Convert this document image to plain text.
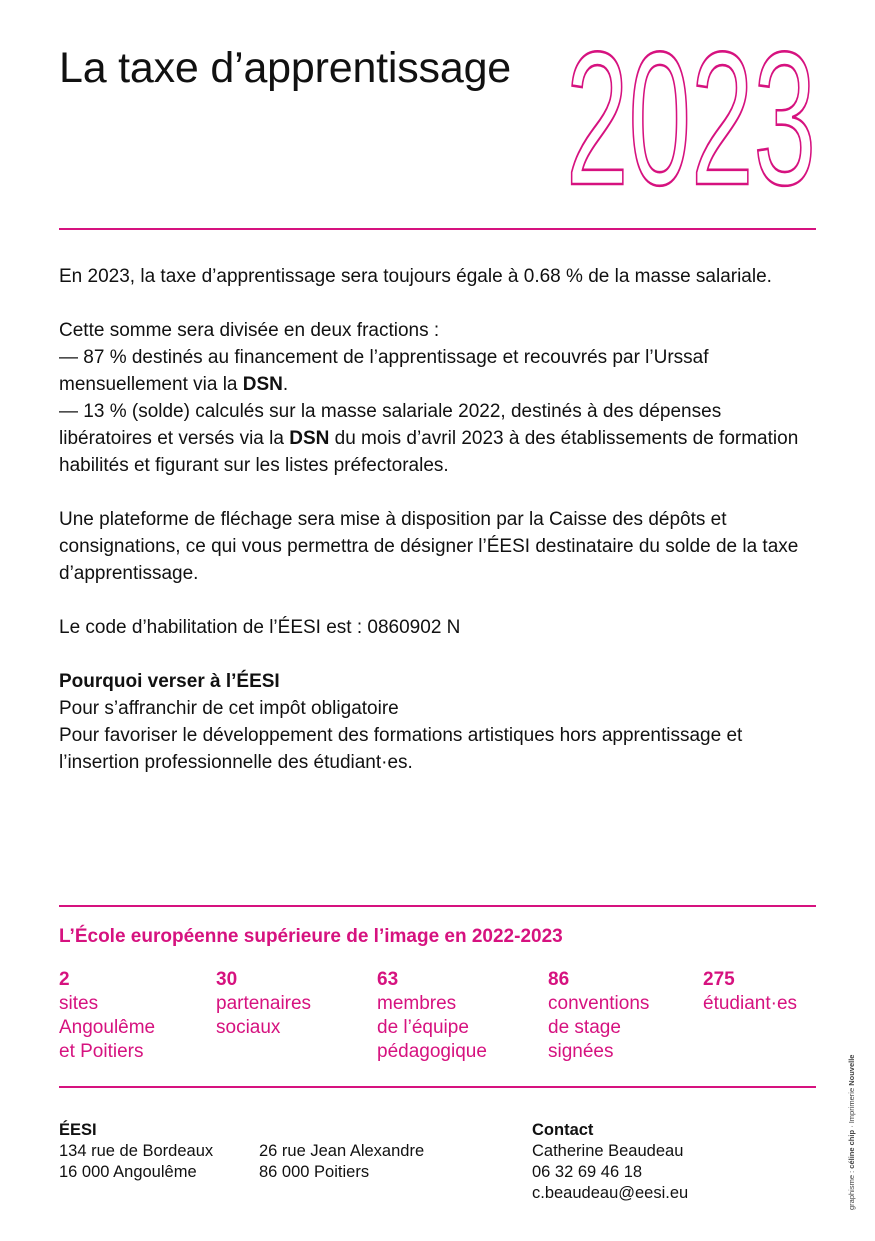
La taxe d’apprentissage 2023

En 2023, la taxe d’apprentissage sera toujours égale à 0.68 % de la masse salariale.

Cette somme sera divisée en deux fractions :
— 87 % destinés au financement de l’apprentissage et recouvrés par l’Urssaf mensuellement via la DSN.
— 13 % (solde) calculés sur la masse salariale 2022, destinés à des dépenses libératoires et versés via la DSN du mois d’avril 2023 à des établissements de formation habilités et figurant sur les listes préfectorales.

Une plateforme de fléchage sera mise à disposition par la Caisse des dépôts et consignations, ce qui vous permettra de désigner l’ÉESI destinataire du solde de la taxe d’apprentissage.

Le code d’habilitation de l’ÉESI est : 0860902 N

Pourquoi verser à l’ÉESI
Pour s’affranchir de cet impôt obligatoire
Pour favoriser le développement des formations artistiques hors apprentissage et l’insertion professionnelle des étudiant·es.

L’École européenne supérieure de l’image en 2022-2023
2
sites
Angoulême
et Poitiers
30
partenaires
sociaux
63
membres
de l’équipe
pédagogique
86
conventions
de stage
signées
275
étudiant·es
ÉESI
134 rue de Bordeaux
16 000 Angoulême
26 rue Jean Alexandre
86 000 Poitiers
Contact
Catherine Beaudeau
06 32 69 46 18
c.beaudeau@eesi.eu	graphisme : céline chip · Imprimerie Nouvelle
